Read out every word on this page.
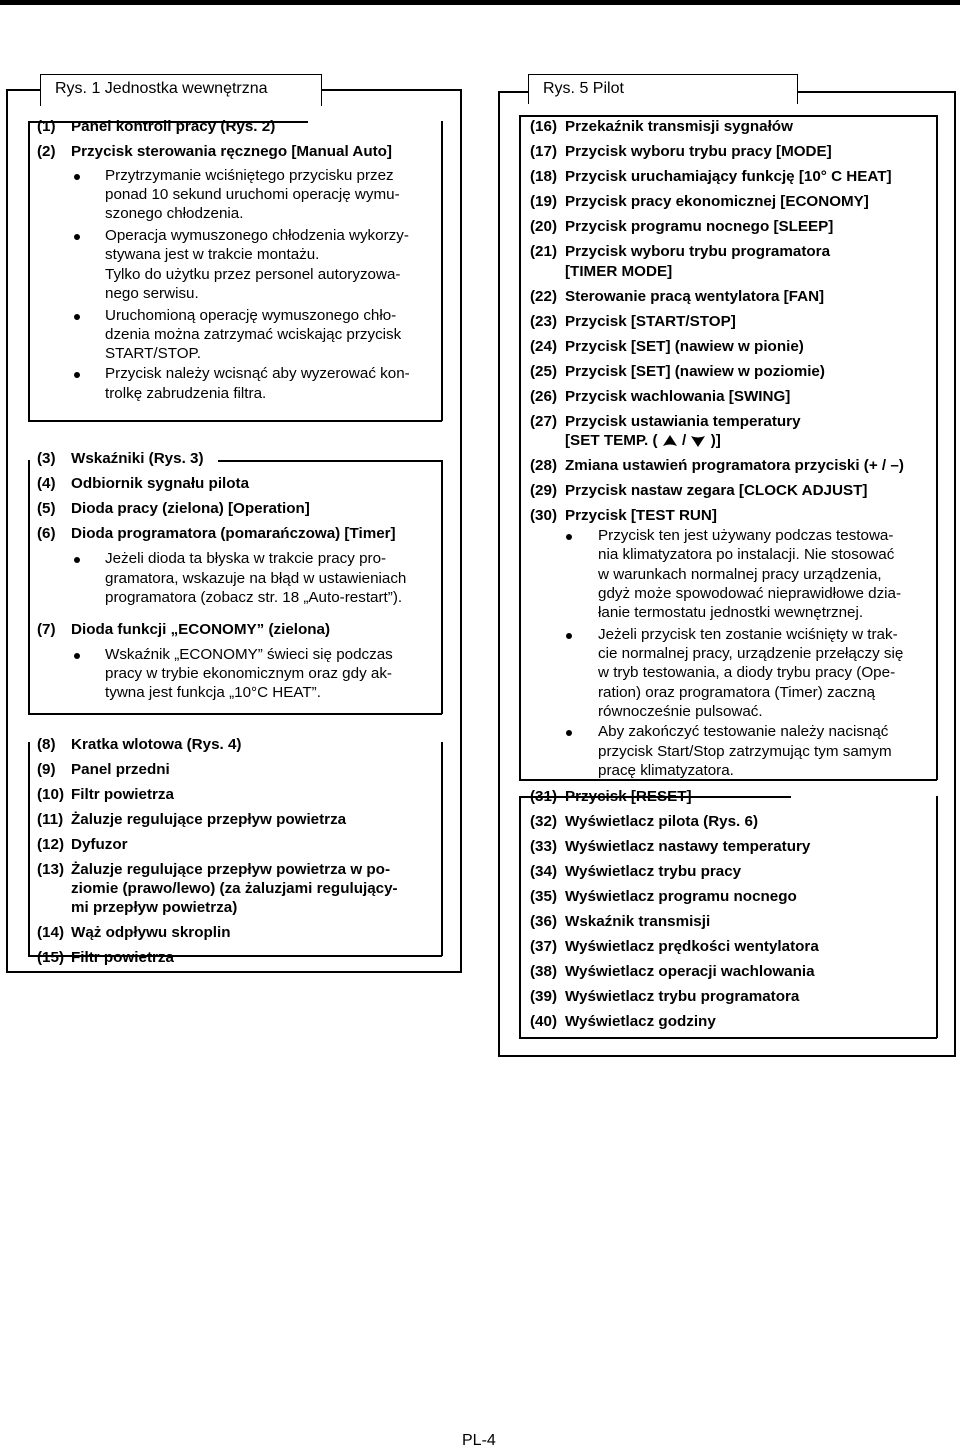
Rys. 1 Jednostka wewnętrzna	Rys. 5 Pilot
(1) Panel kontroli pracy (Rys. 2)
(2) Przycisk sterowania ręcznego [Manual Auto]
Przytrzymanie wciśniętego przycisku przez
ponad 10 sekund uruchomi operację wymu-
szonego chłodzenia.
Operacja wymuszonego chłodzenia wykorzy-
stywana jest w trakcie montażu.
Tylko do użytku przez personel autoryzowa-
nego serwisu.
Uruchomioną operację wymuszonego chło-
dzenia można zatrzymać wciskając przycisk
START/STOP.
Przycisk należy wcisnąć aby wyzerować kon-
trolkę zabrudzenia filtra.
(3) Wskaźniki (Rys. 3)
(4) Odbiornik sygnału pilota
(5) Dioda pracy (zielona) [Operation]
(6) Dioda programatora (pomarańczowa) [Timer]
Jeżeli dioda ta błyska w trakcie pracy pro-
gramatora, wskazuje na błąd w ustawieniach
programatora (zobacz str. 18 „Auto-restart”).
(7) Dioda funkcji „ECONOMY” (zielona)
Wskaźnik „ECONOMY” świeci się podczas
pracy w trybie ekonomicznym oraz gdy ak-
tywna jest funkcja „10°C HEAT”.
(8) Kratka wlotowa (Rys. 4)
(9) Panel przedni
(10) Filtr powietrza
(11) Żaluzje regulujące przepływ powietrza
(12) Dyfuzor
(13) Żaluzje regulujące przepływ powietrza w po-
ziomie (prawo/lewo) (za żaluzjami regulujący-
mi przepływ powietrza)
(14) Wąż odpływu skroplin
(15) Filtr powietrza
(16) Przekaźnik transmisji sygnałów
(17) Przycisk wyboru trybu pracy [MODE]
(18) Przycisk uruchamiający funkcję [10° C HEAT]
(19) Przycisk pracy ekonomicznej [ECONOMY]
(20) Przycisk programu nocnego [SLEEP]
(21) Przycisk wyboru trybu programatora
[TIMER MODE]
(22) Sterowanie pracą wentylatora [FAN]
(23) Przycisk [START/STOP]
(24) Przycisk [SET] (nawiew w pionie)
(25) Przycisk [SET] (nawiew w poziomie)
(26) Przycisk wachlowania [SWING]
(27) Przycisk ustawiania temperatury
[SET TEMP. ( / )]
(28) Zmiana ustawień programatora przyciski (+ / –)
(29) Przycisk nastaw zegara [CLOCK ADJUST]
(30) Przycisk [TEST RUN]
Przycisk ten jest używany podczas testowa-
nia klimatyzatora po instalacji. Nie stosować
w warunkach normalnej pracy urządzenia,
gdyż może spowodować nieprawidłowe dzia-
łanie termostatu jednostki wewnętrznej.
Jeżeli przycisk ten zostanie wciśnięty w trak-
cie normalnej pracy, urządzenie przełączy się
w tryb testowania, a diody trybu pracy (Ope-
ration) oraz programatora (Timer) zaczną
równocześnie pulsować.
Aby zakończyć testowanie należy nacisnąć
przycisk Start/Stop zatrzymując tym samym
pracę klimatyzatora.
(31) Przycisk [RESET]
(32) Wyświetlacz pilota (Rys. 6)
(33) Wyświetlacz nastawy temperatury
(34) Wyświetlacz trybu pracy
(35) Wyświetlacz programu nocnego
(36) Wskaźnik transmisji
(37) Wyświetlacz prędkości wentylatora
(38) Wyświetlacz operacji wachlowania
(39) Wyświetlacz trybu programatora
(40) Wyświetlacz godziny
PL-4
